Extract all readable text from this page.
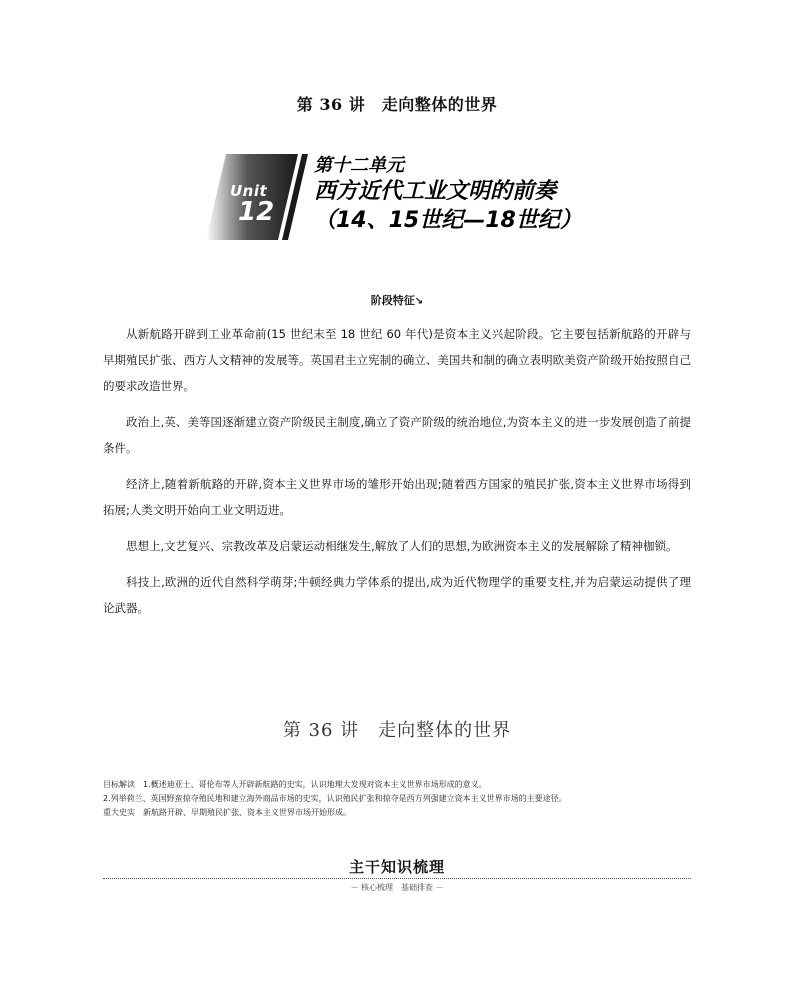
第 36 讲　走向整体的世界
Unit
12
第十二单元
西方近代工业文明的前奏
（14、15世纪—18世纪）
阶段特征↘

从新航路开辟到工业革命前(15 世纪末至 18 世纪 60 年代)是资本主义兴起阶段。它主要包括新航路的开辟与早期殖民扩张、西方人文精神的发展等。英国君主立宪制的确立、美国共和制的确立表明欧美资产阶级开始按照自己的要求改造世界。

政治上,英、美等国逐渐建立资产阶级民主制度,确立了资产阶级的统治地位,为资本主义的进一步发展创造了前提条件。

经济上,随着新航路的开辟,资本主义世界市场的雏形开始出现;随着西方国家的殖民扩张,资本主义世界市场得到拓展;人类文明开始向工业文明迈进。

思想上,文艺复兴、宗教改革及启蒙运动相继发生,解放了人们的思想,为欧洲资本主义的发展解除了精神枷锁。

科技上,欧洲的近代自然科学萌芽;牛顿经典力学体系的提出,成为近代物理学的重要支柱,并为启蒙运动提供了理论武器。

第 36 讲　走向整体的世界
目标解读　1.概述迪亚士、哥伦布等人开辟新航路的史实，认识地理大发现对资本主义世界市场形成的意义。
2.列举荷兰、英国野蛮掠夺殖民地和建立海外商品市场的史实，认识殖民扩张和掠夺是西方列强建立资本主义世界市场的主要途径。
重大史实　新航路开辟、早期殖民扩张、资本主义世界市场开始形成。
主干知识梳理
－ 核心梳理　基础排查 －
